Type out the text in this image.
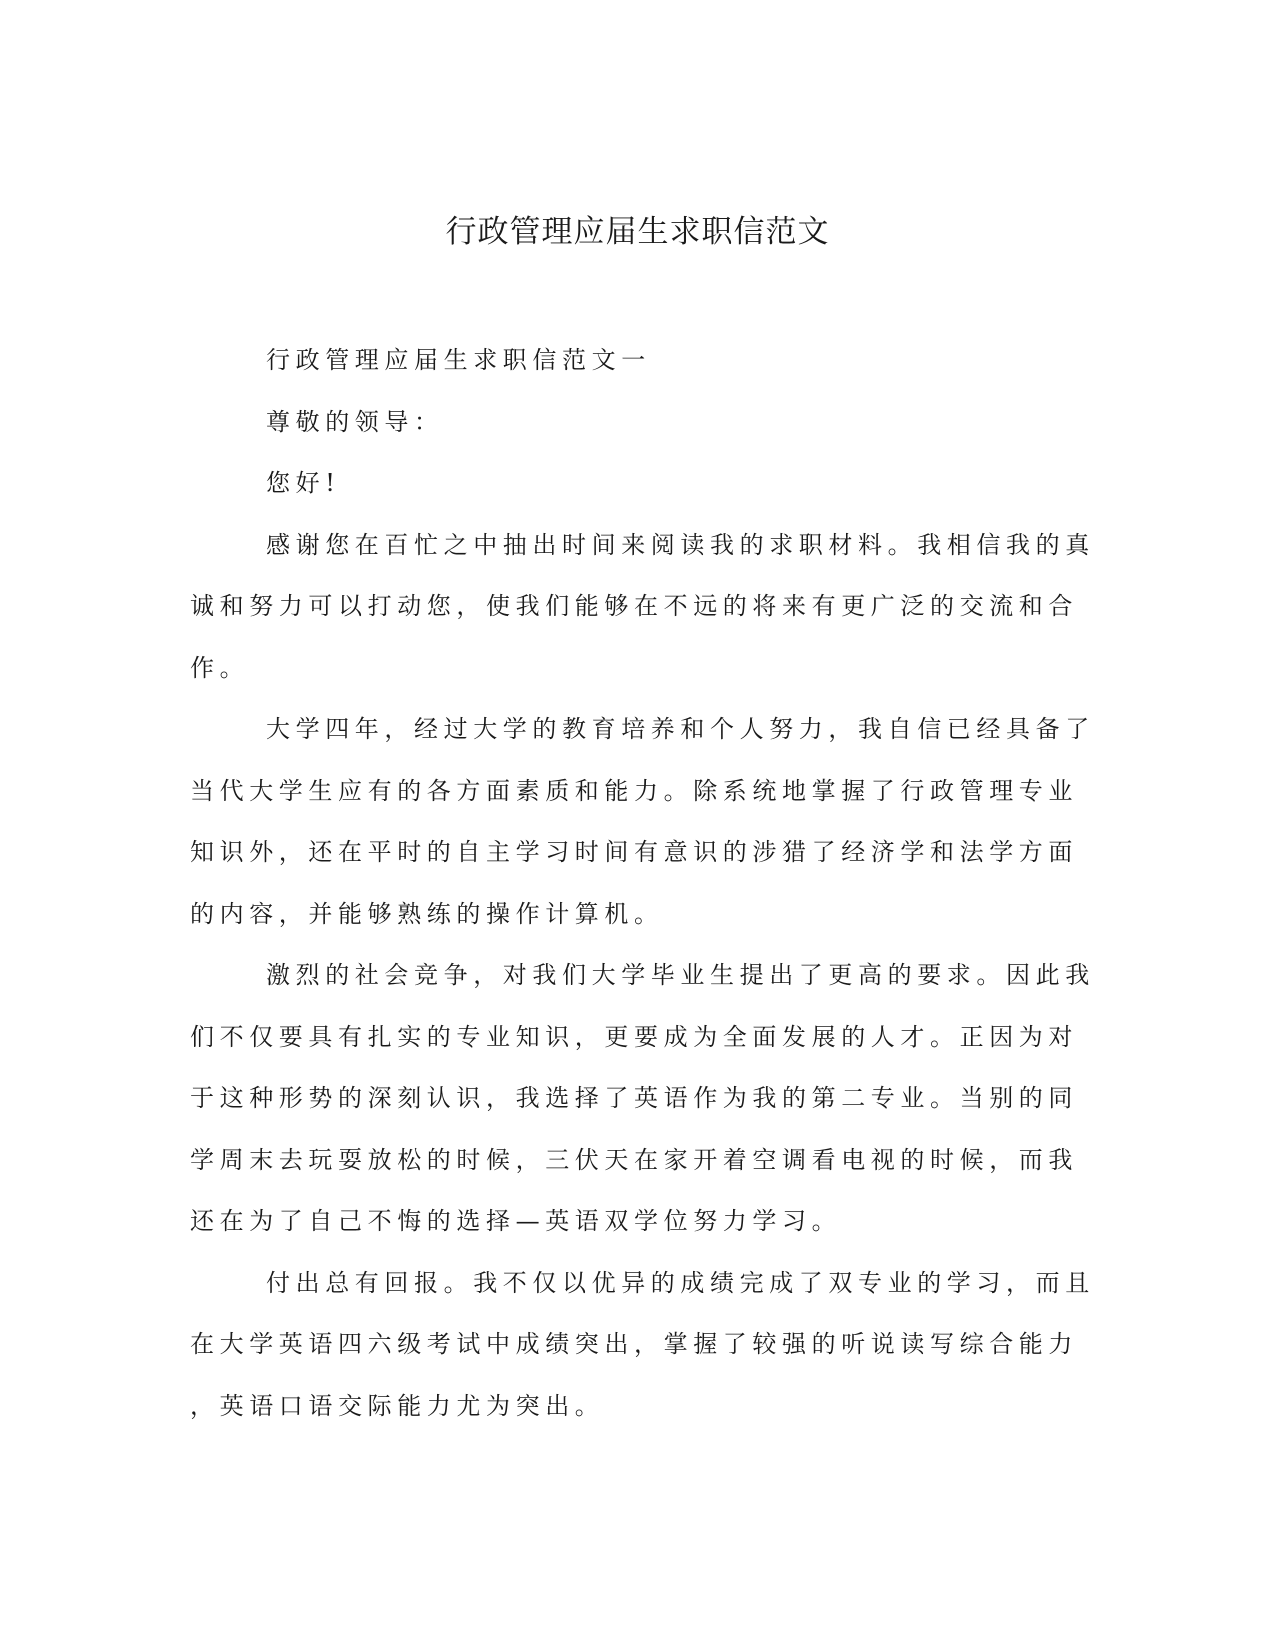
行政管理应届生求职信范文

行政管理应届生求职信范文一

尊敬的领导：

您好!

感谢您在百忙之中抽出时间来阅读我的求职材料。我相信我的真
诚和努力可以打动您，使我们能够在不远的将来有更广泛的交流和合
作。

大学四年，经过大学的教育培养和个人努力，我自信已经具备了
当代大学生应有的各方面素质和能力。除系统地掌握了行政管理专业
知识外，还在平时的自主学习时间有意识的涉猎了经济学和法学方面
的内容，并能够熟练的操作计算机。

激烈的社会竞争，对我们大学毕业生提出了更高的要求。因此我
们不仅要具有扎实的专业知识，更要成为全面发展的人才。正因为对
于这种形势的深刻认识，我选择了英语作为我的第二专业。当别的同
学周末去玩耍放松的时候，三伏天在家开着空调看电视的时候，而我
还在为了自己不悔的选择—英语双学位努力学习。

付出总有回报。我不仅以优异的成绩完成了双专业的学习，而且
在大学英语四六级考试中成绩突出，掌握了较强的听说读写综合能力
，英语口语交际能力尤为突出。
